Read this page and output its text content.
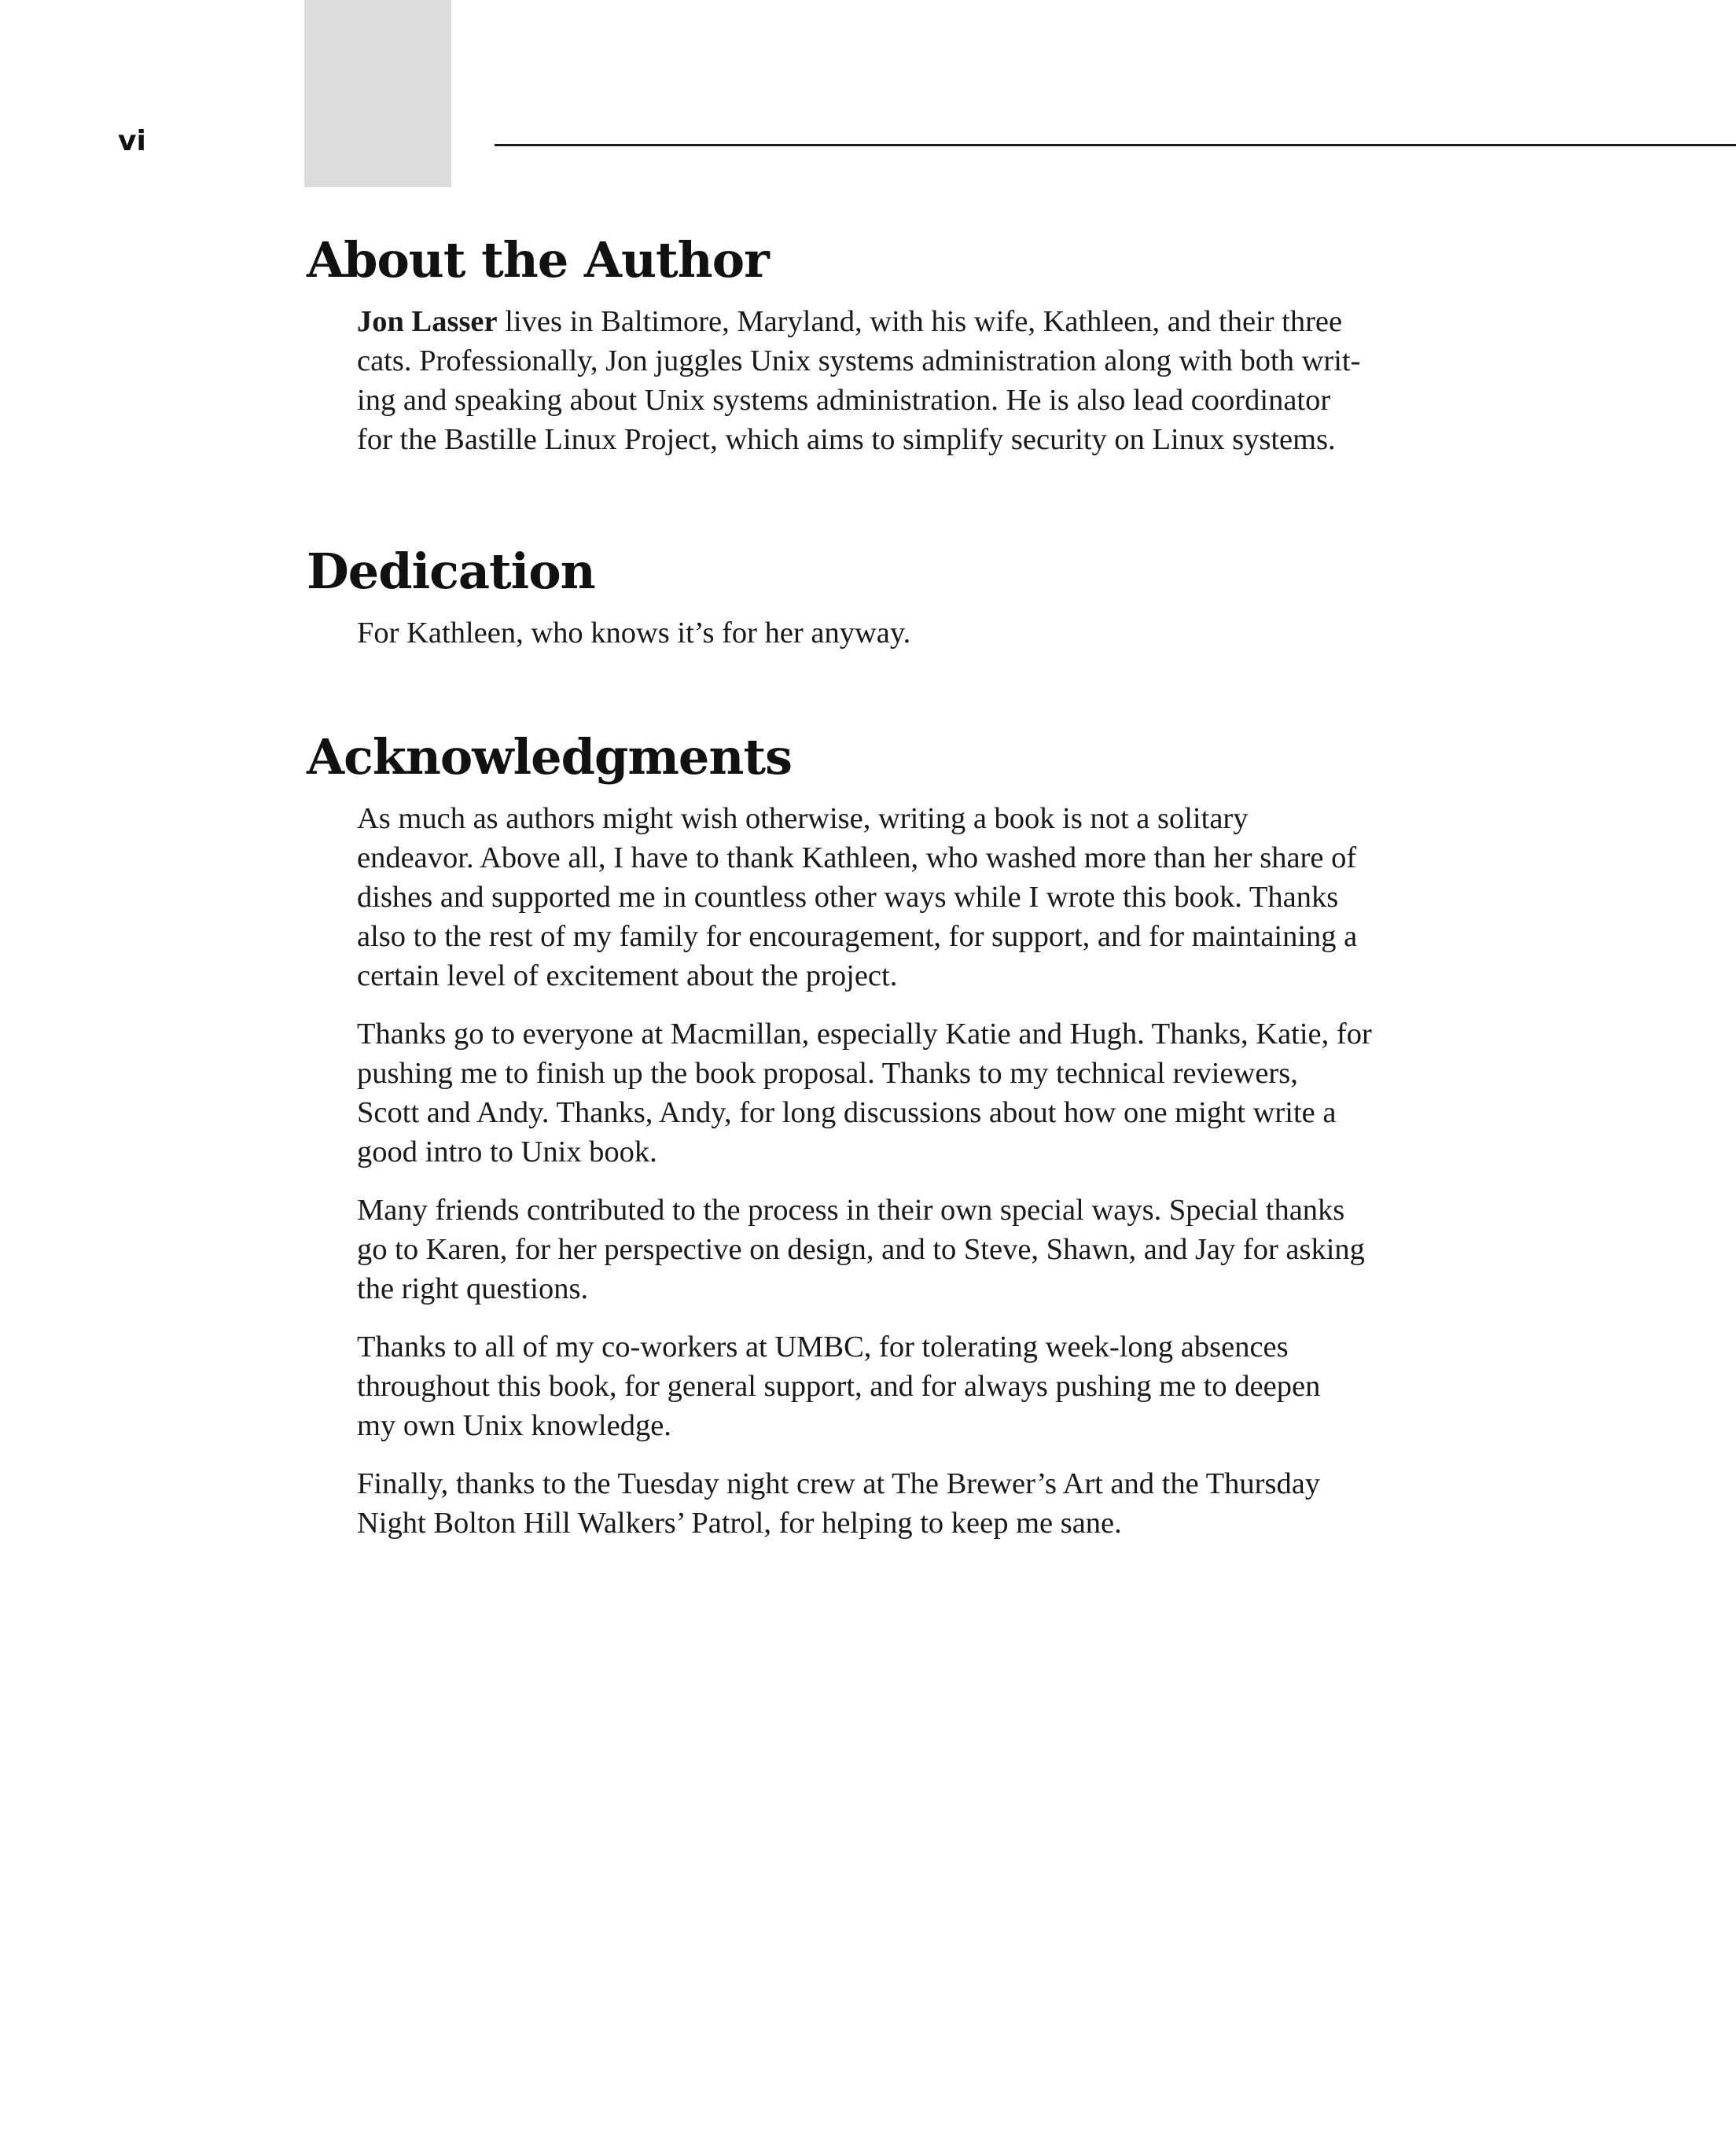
vi
About the Author

Jon Lasser lives in Baltimore, Maryland, with his wife, Kathleen, and their three
cats. Professionally, Jon juggles Unix systems administration along with both writ-
ing and speaking about Unix systems administration. He is also lead coordinator
for the Bastille Linux Project, which aims to simplify security on Linux systems.

Dedication

For Kathleen, who knows it’s for her anyway.

Acknowledgments

As much as authors might wish otherwise, writing a book is not a solitary
endeavor. Above all, I have to thank Kathleen, who washed more than her share of
dishes and supported me in countless other ways while I wrote this book. Thanks
also to the rest of my family for encouragement, for support, and for maintaining a
certain level of excitement about the project.

Thanks go to everyone at Macmillan, especially Katie and Hugh. Thanks, Katie, for
pushing me to finish up the book proposal. Thanks to my technical reviewers,
Scott and Andy. Thanks, Andy, for long discussions about how one might write a
good intro to Unix book.

Many friends contributed to the process in their own special ways. Special thanks
go to Karen, for her perspective on design, and to Steve, Shawn, and Jay for asking
the right questions.

Thanks to all of my co-workers at UMBC, for tolerating week-long absences
throughout this book, for general support, and for always pushing me to deepen
my own Unix knowledge.

Finally, thanks to the Tuesday night crew at The Brewer’s Art and the Thursday
Night Bolton Hill Walkers’ Patrol, for helping to keep me sane.
